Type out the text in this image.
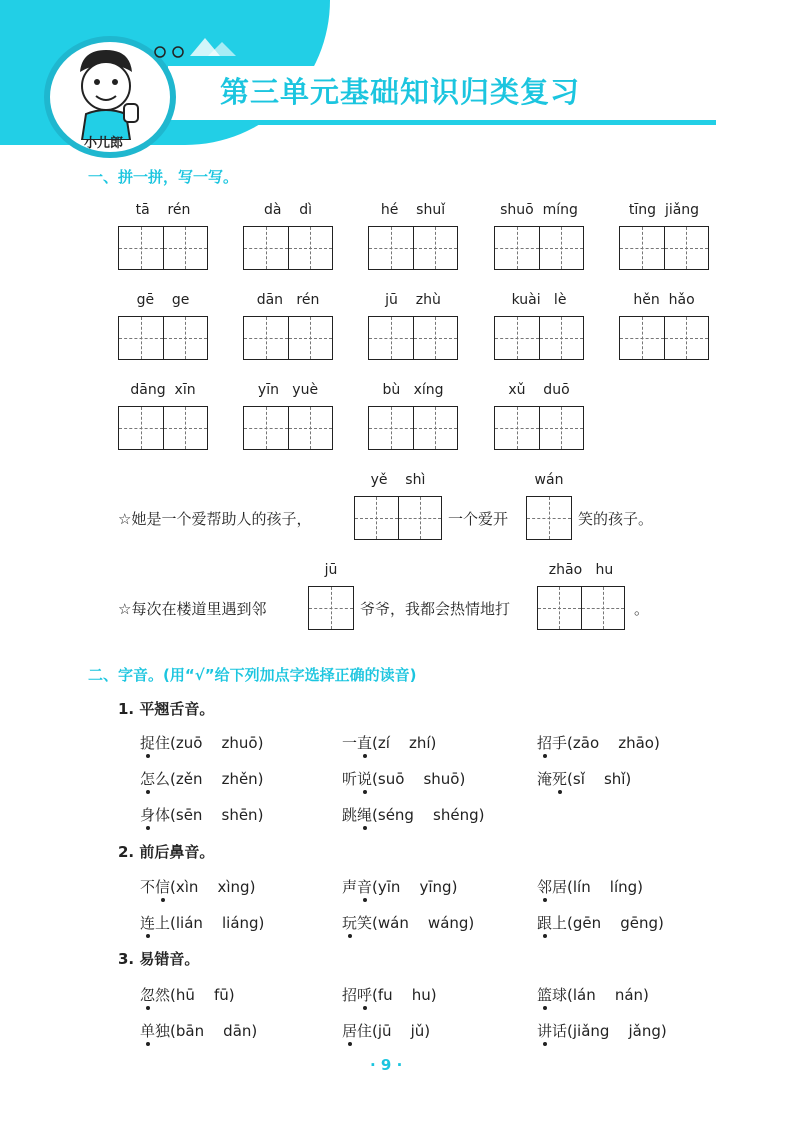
第三单元基础知识归类复习
小儿郎
一、拼一拼，写一写。
tā    rén	dà    dì	hé    shuǐ	shuō  míng	tīng  jiǎng
gē    ge	dān   rén	jū    zhù	kuài   lè	hěn  hǎo
dāng  xīn	yīn   yuè	bù   xíng	xǔ    duō
yě    shì	wán
☆她是一个爱帮助人的孩子，	一个爱开	笑的孩子。
jū	zhāo   hu
☆每次在楼道里遇到邻	爷爷，我都会热情地打	。
二、字音。(用“√”给下列加点字选择正确的读音)
1. 平翘舌音。
捉住(zuō    zhuō)	一直(zí    zhí)	招手(zāo    zhāo)
怎么(zěn    zhěn)	听说(suō    shuō)	淹死(sǐ    shǐ)
身体(sēn    shēn)	跳绳(séng    shéng)
2. 前后鼻音。
不信(xìn    xìng)	声音(yīn    yīng)	邻居(lín    líng)
连上(lián    liáng)	玩笑(wán    wáng)	跟上(gēn    gēng)
3. 易错音。
忽然(hū    fū)	招呼(fu    hu)	篮球(lán    nán)
单独(bān    dān)	居住(jū    jǔ)	讲话(jiǎng    jǎng)
· 9 ·
